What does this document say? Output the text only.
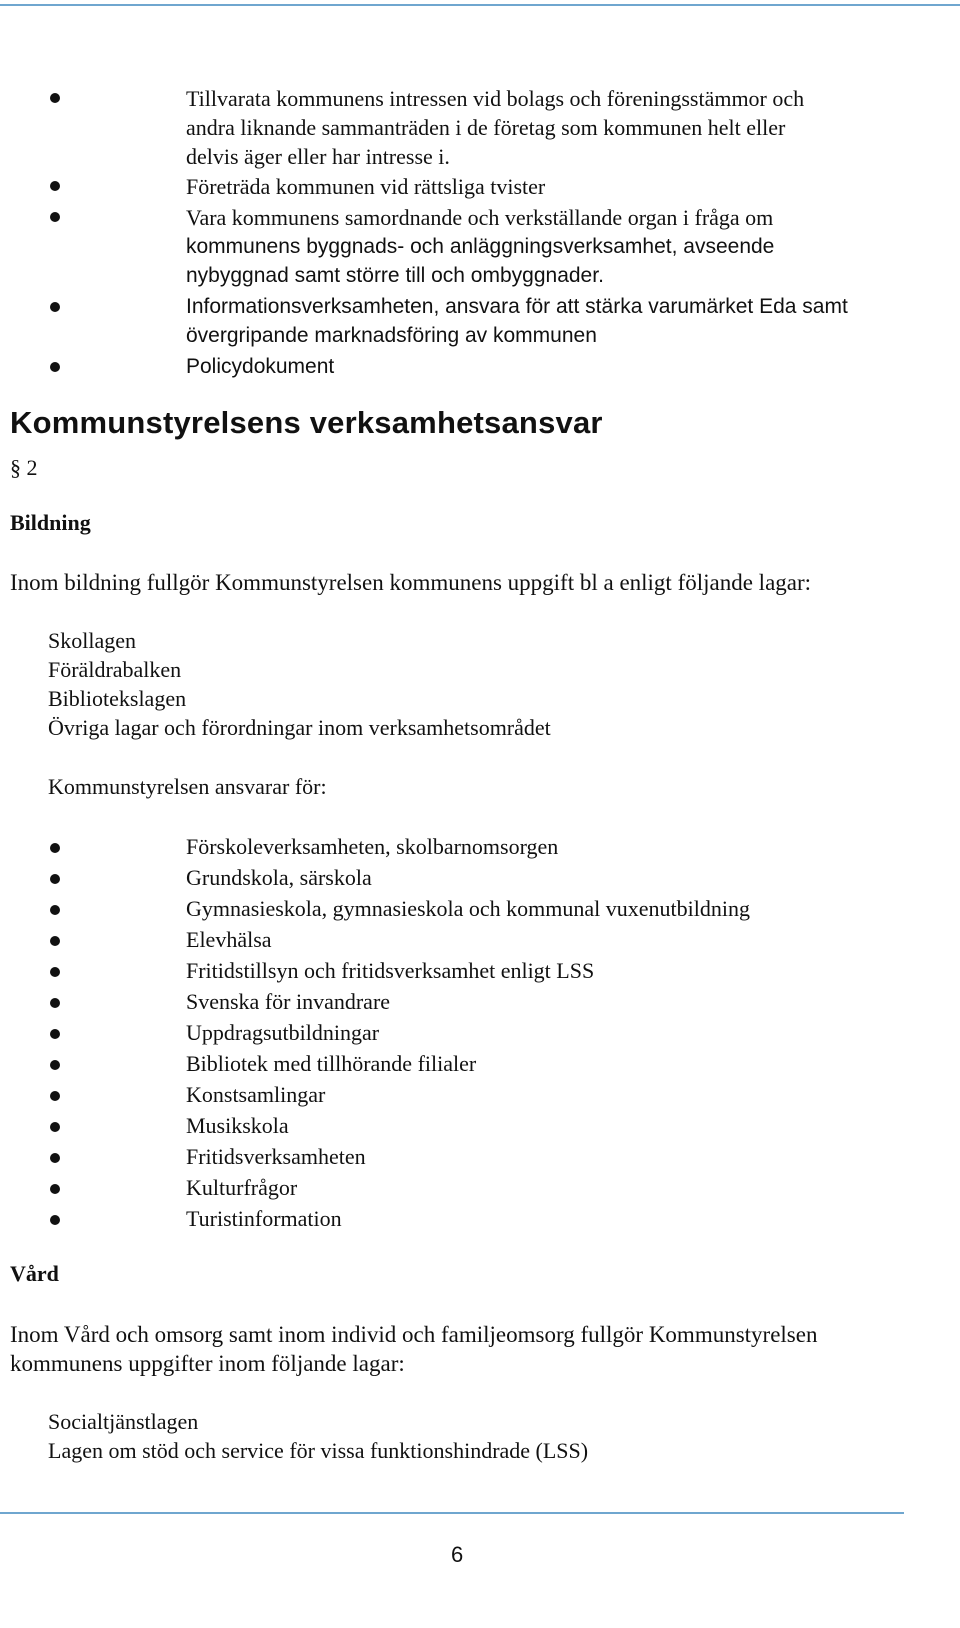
Tillvarata kommunens intressen vid bolags och föreningsstämmor och
andra liknande sammanträden i de företag som kommunen helt eller
delvis äger eller har intresse i.
Företräda kommunen vid rättsliga tvister
Vara kommunens samordnande och verkställande organ i fråga om
kommunens byggnads- och anläggningsverksamhet, avseende
nybyggnad samt större till och ombyggnader.
Informationsverksamheten, ansvara för att stärka varumärket Eda samt
övergripande marknadsföring av kommunen
Policydokument
Kommunstyrelsens verksamhetsansvar
§ 2
Bildning
Inom bildning fullgör Kommunstyrelsen kommunens uppgift bl a enligt följande lagar:
Skollagen
Föräldrabalken
Bibliotekslagen
Övriga lagar och förordningar inom verksamhetsområdet
Kommunstyrelsen ansvarar för:
Förskoleverksamheten, skolbarnomsorgen
Grundskola, särskola
Gymnasieskola, gymnasieskola och kommunal vuxenutbildning
Elevhälsa
Fritidstillsyn och fritidsverksamhet enligt LSS
Svenska för invandrare
Uppdragsutbildningar
Bibliotek med tillhörande filialer
Konstsamlingar
Musikskola
Fritidsverksamheten
Kulturfrågor
Turistinformation
Vård
Inom Vård och omsorg samt inom individ och familjeomsorg fullgör Kommunstyrelsen
kommunens uppgifter inom följande lagar:
Socialtjänstlagen
Lagen om stöd och service för vissa funktionshindrade (LSS)
6
